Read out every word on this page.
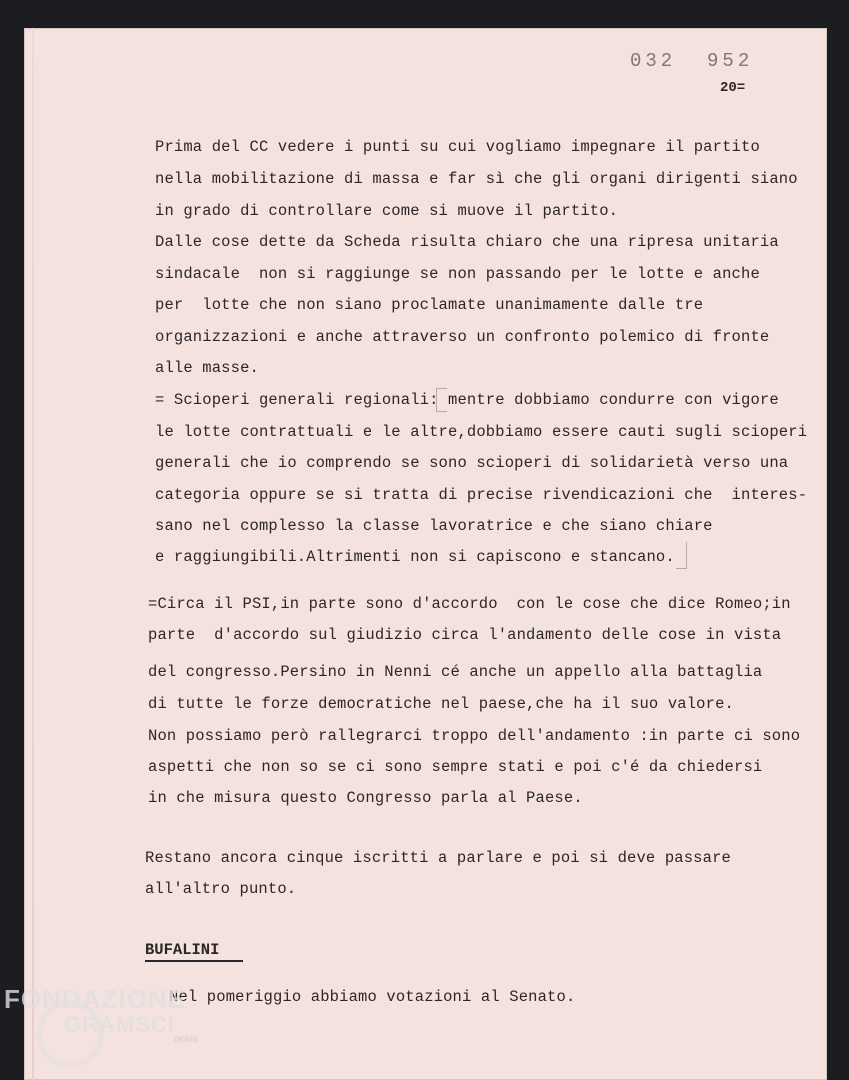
032  952
20=
Prima del CC vedere i punti su cui vogliamo impegnare il partito
nella mobilitazione di massa e far sì che gli organi dirigenti siano
in grado di controllare come si muove il partito.
Dalle cose dette da Scheda risulta chiaro che una ripresa unitaria
sindacale  non si raggiunge se non passando per le lotte e anche
per  lotte che non siano proclamate unanimamente dalle tre
organizzazioni e anche attraverso un confronto polemico di fronte
alle masse.
= Scioperi generali regionali: mentre dobbiamo condurre con vigore
le lotte contrattuali e le altre,dobbiamo essere cauti sugli scioperi
generali che io comprendo se sono scioperi di solidarietà verso una
categoria oppure se si tratta di precise rivendicazioni che  interes-
sano nel complesso la classe lavoratrice e che siano chiare
e raggiungibili.Altrimenti non si capiscono e stancano.
=Circa il PSI,in parte sono d'accordo  con le cose che dice Romeo;in
parte  d'accordo sul giudizio circa l'andamento delle cose in vista
del congresso.Persino in Nenni cé anche un appello alla battaglia
di tutte le forze democratiche nel paese,che ha il suo valore.
Non possiamo però rallegrarci troppo dell'andamento :in parte ci sono
aspetti che non so se ci sono sempre stati e poi c'é da chiedersi
in che misura questo Congresso parla al Paese.
Restano ancora cinque iscritti a parlare e poi si deve passare
all'altro punto.
BUFALINI
Nel pomeriggio abbiamo votazioni al Senato.
FONDAZIONE
GRAMSCI
onlus
